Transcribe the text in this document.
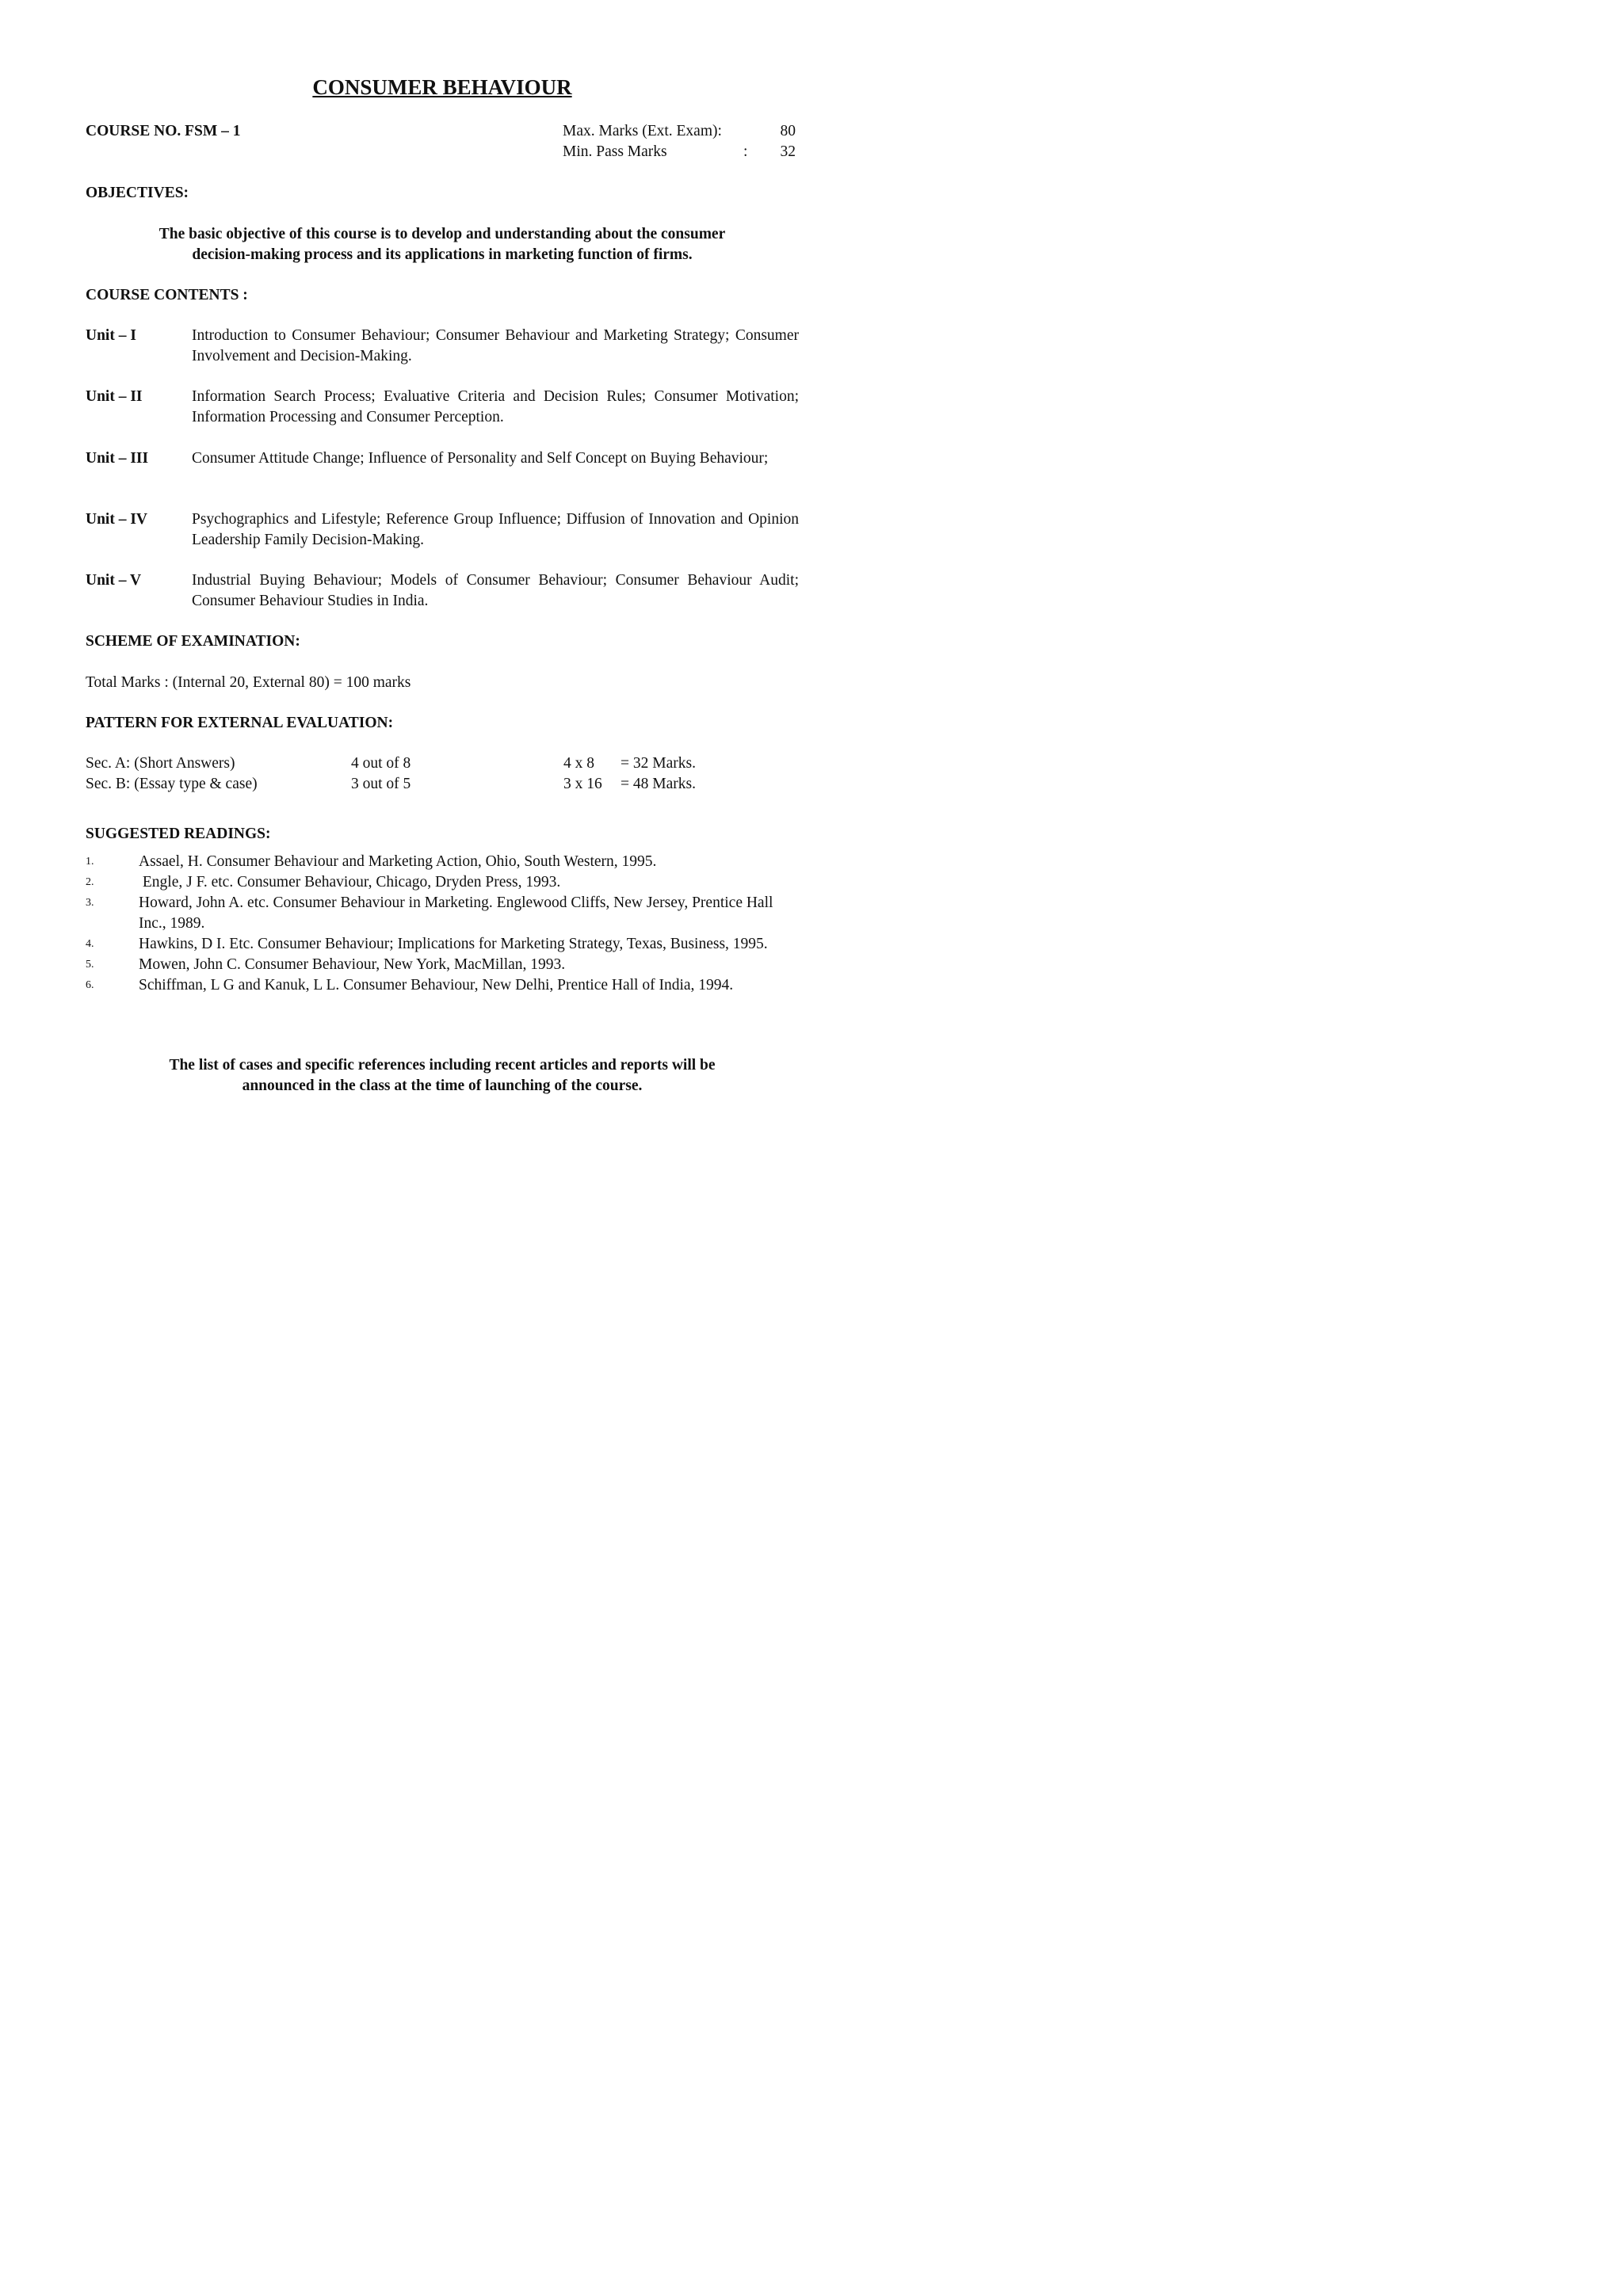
CONSUMER BEHAVIOUR
COURSE NO. FSM – 1	Max. Marks (Ext. Exam):	80
Min. Pass Marks	:	32
OBJECTIVES:
The basic objective of this course is to develop and understanding about the consumer
decision-making process and its applications in marketing function of firms.
COURSE CONTENTS :
Unit – I	Introduction to Consumer Behaviour; Consumer Behaviour and Marketing Strategy; Consumer Involvement and Decision-Making.
Unit – II	Information Search Process; Evaluative Criteria and Decision Rules; Consumer Motivation; Information Processing and Consumer Perception.
Unit – III	Consumer Attitude Change; Influence of Personality and Self Concept on Buying Behaviour;
Unit – IV	Psychographics and Lifestyle; Reference Group Influence; Diffusion of Innovation and Opinion Leadership Family Decision-Making.
Unit – V	Industrial Buying Behaviour; Models of Consumer Behaviour; Consumer Behaviour Audit; Consumer Behaviour Studies in India.
SCHEME OF EXAMINATION:
Total Marks : (Internal 20, External 80) = 100 marks
PATTERN FOR EXTERNAL EVALUATION:
Sec. A: (Short Answers)	4 out of 8	4 x 8 = 32 Marks.
Sec. B: (Essay type & case)	3 out of 5	3 x 16 = 48 Marks.
SUGGESTED READINGS:
1.	Assael, H. Consumer Behaviour and Marketing Action, Ohio, South Western, 1995.
2.	Engle, J F. etc. Consumer Behaviour, Chicago, Dryden Press, 1993.
3.	Howard, John A. etc. Consumer Behaviour in Marketing. Englewood Cliffs, New Jersey, Prentice Hall Inc., 1989.
4.	Hawkins, D I. Etc. Consumer Behaviour; Implications for Marketing Strategy, Texas, Business, 1995.
5.	Mowen, John C. Consumer Behaviour, New York, MacMillan, 1993.
6.	Schiffman, L G and Kanuk, L L. Consumer Behaviour, New Delhi, Prentice Hall of India, 1994.
The list of cases and specific references including recent articles and reports will be
announced in the class at the time of launching of the course.
